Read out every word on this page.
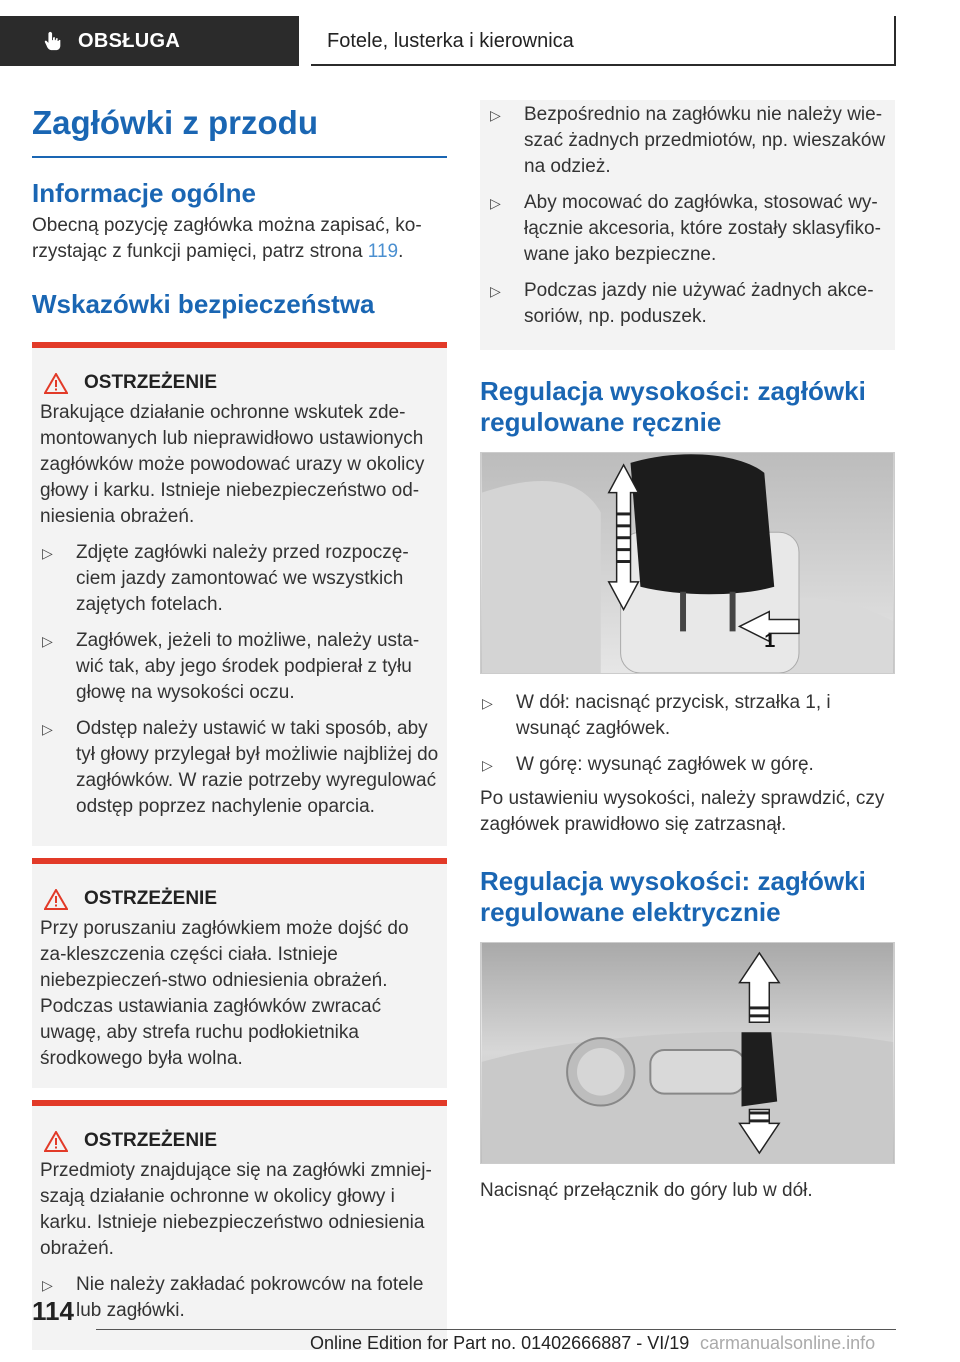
OBSŁUGA	Fotele, lusterka i kierownica
Zagłówki z przodu
Informacje ogólne

Obecną pozycję zagłówka można zapisać, ko-rzystając z funkcji pamięci, patrz strona 119.

Wskazówki bezpieczeństwa
OSTRZEŻENIE

Brakujące działanie ochronne wskutek zde-montowanych lub nieprawidłowo ustawionych zagłówków może powodować urazy w okolicy głowy i karku. Istnieje niebezpieczeństwo od-niesienia obrażeń.

▷	Zdjęte zagłówki należy przed rozpoczę-ciem jazdy zamontować we wszystkich zajętych fotelach.
▷	Zagłówek, jeżeli to możliwe, należy usta-wić tak, aby jego środek podpierał z tyłu głowę na wysokości oczu.
▷	Odstęp należy ustawić w taki sposób, aby tył głowy przylegał był możliwie najbliżej do zagłówków. W razie potrzeby wyregulować odstęp poprzez nachylenie oparcia.
OSTRZEŻENIE

Przy poruszaniu zagłówkiem może dojść do za-kleszczenia części ciała. Istnieje niebezpieczeń-stwo odniesienia obrażeń. Podczas ustawiania zagłówków zwracać uwagę, aby strefa ruchu podłokietnika środkowego była wolna.

OSTRZEŻENIE

Przedmioty znajdujące się na zagłówki zmniej-szają działanie ochronne w okolicy głowy i karku. Istnieje niebezpieczeństwo odniesienia obrażeń.

▷	Nie należy zakładać pokrowców na fotele lub zagłówki.
▷	Bezpośrednio na zagłówku nie należy wie-szać żadnych przedmiotów, np. wieszaków na odzież.
▷	Aby mocować do zagłówka, stosować wy-łącznie akcesoria, które zostały sklasyfiko-wane jako bezpieczne.
▷	Podczas jazdy nie używać żadnych akce-soriów, np. poduszek.
Regulacja wysokości: zagłówki regulowane ręcznie
1
▷	W dół: nacisnąć przycisk, strzałka 1, i wsunąć zagłówek.
▷	W górę: wysunąć zagłówek w górę.

Po ustawieniu wysokości, należy sprawdzić, czy zagłówek prawidłowo się zatrzasnął.

Regulacja wysokości: zagłówki regulowane elektrycznie

Nacisnąć przełącznik do góry lub w dół.

114
Online Edition for Part no. 01402666887 - VI/19 carmanualsonline.info
